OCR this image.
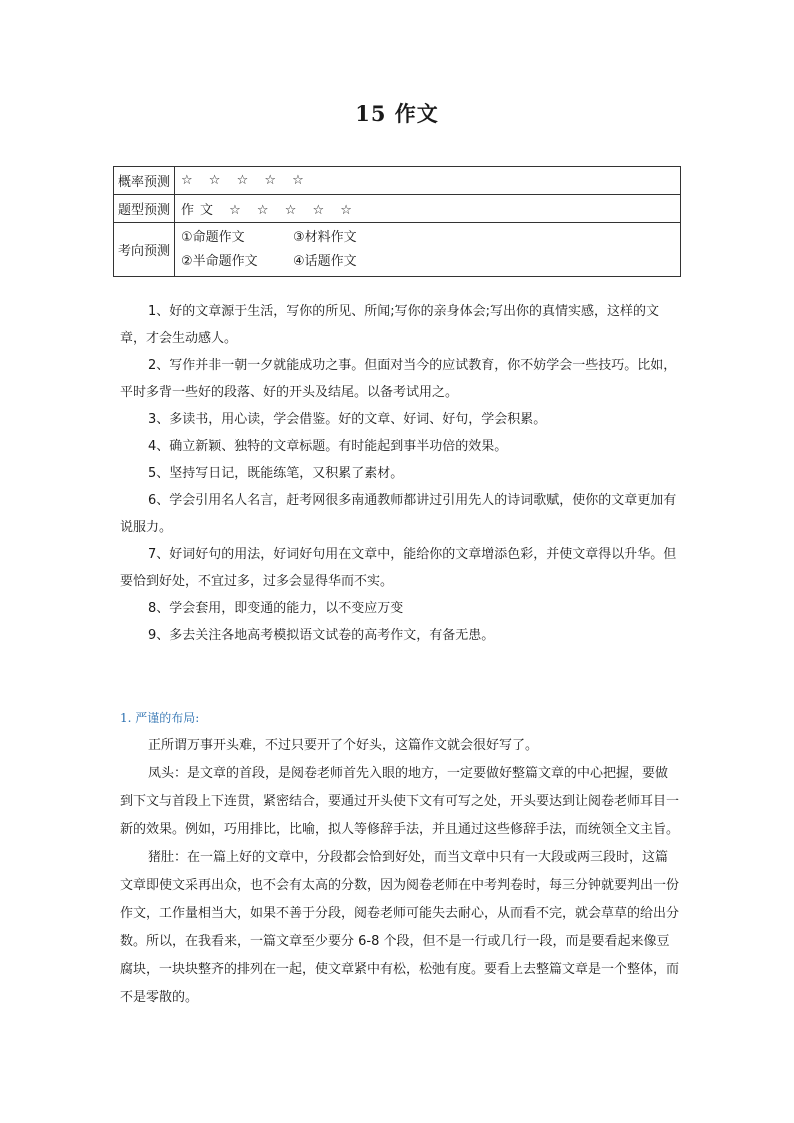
15 作文
概率预测	☆ ☆ ☆ ☆ ☆
题型预测	作文 ☆ ☆ ☆ ☆ ☆
考向预测	①命题作文 ③材料作文
②半命题作文 ④话题作文

1、好的文章源于生活，写你的所见、所闻;写你的亲身体会;写出你的真情实感，这样的文章，才会生动感人。

2、写作并非一朝一夕就能成功之事。但面对当今的应试教育，你不妨学会一些技巧。比如，平时多背一些好的段落、好的开头及结尾。以备考试用之。

3、多读书，用心读，学会借鉴。好的文章、好词、好句，学会积累。

4、确立新颖、独特的文章标题。有时能起到事半功倍的效果。

5、坚持写日记，既能练笔，又积累了素材。

6、学会引用名人名言，赶考网很多南通教师都讲过引用先人的诗词歌赋，使你的文章更加有说服力。

7、好词好句的用法，好词好句用在文章中，能给你的文章增添色彩，并使文章得以升华。但要恰到好处，不宜过多，过多会显得华而不实。

8、学会套用，即变通的能力，以不变应万变

9、多去关注各地高考模拟语文试卷的高考作文，有备无患。

1. 严谨的布局:

正所谓万事开头难，不过只要开了个好头，这篇作文就会很好写了。

凤头：是文章的首段，是阅卷老师首先入眼的地方，一定要做好整篇文章的中心把握，要做到下文与首段上下连贯，紧密结合，要通过开头使下文有可写之处，开头要达到让阅卷老师耳目一新的效果。例如，巧用排比，比喻，拟人等修辞手法，并且通过这些修辞手法，而统领全文主旨。

猪肚：在一篇上好的文章中，分段都会恰到好处，而当文章中只有一大段或两三段时，这篇文章即使文采再出众，也不会有太高的分数，因为阅卷老师在中考判卷时，每三分钟就要判出一份作文，工作量相当大，如果不善于分段，阅卷老师可能失去耐心，从而看不完，就会草草的给出分数。所以，在我看来，一篇文章至少要分 6-8 个段，但不是一行或几行一段，而是要看起来像豆腐块，一块块整齐的排列在一起，使文章紧中有松，松弛有度。要看上去整篇文章是一个整体，而不是零散的。
